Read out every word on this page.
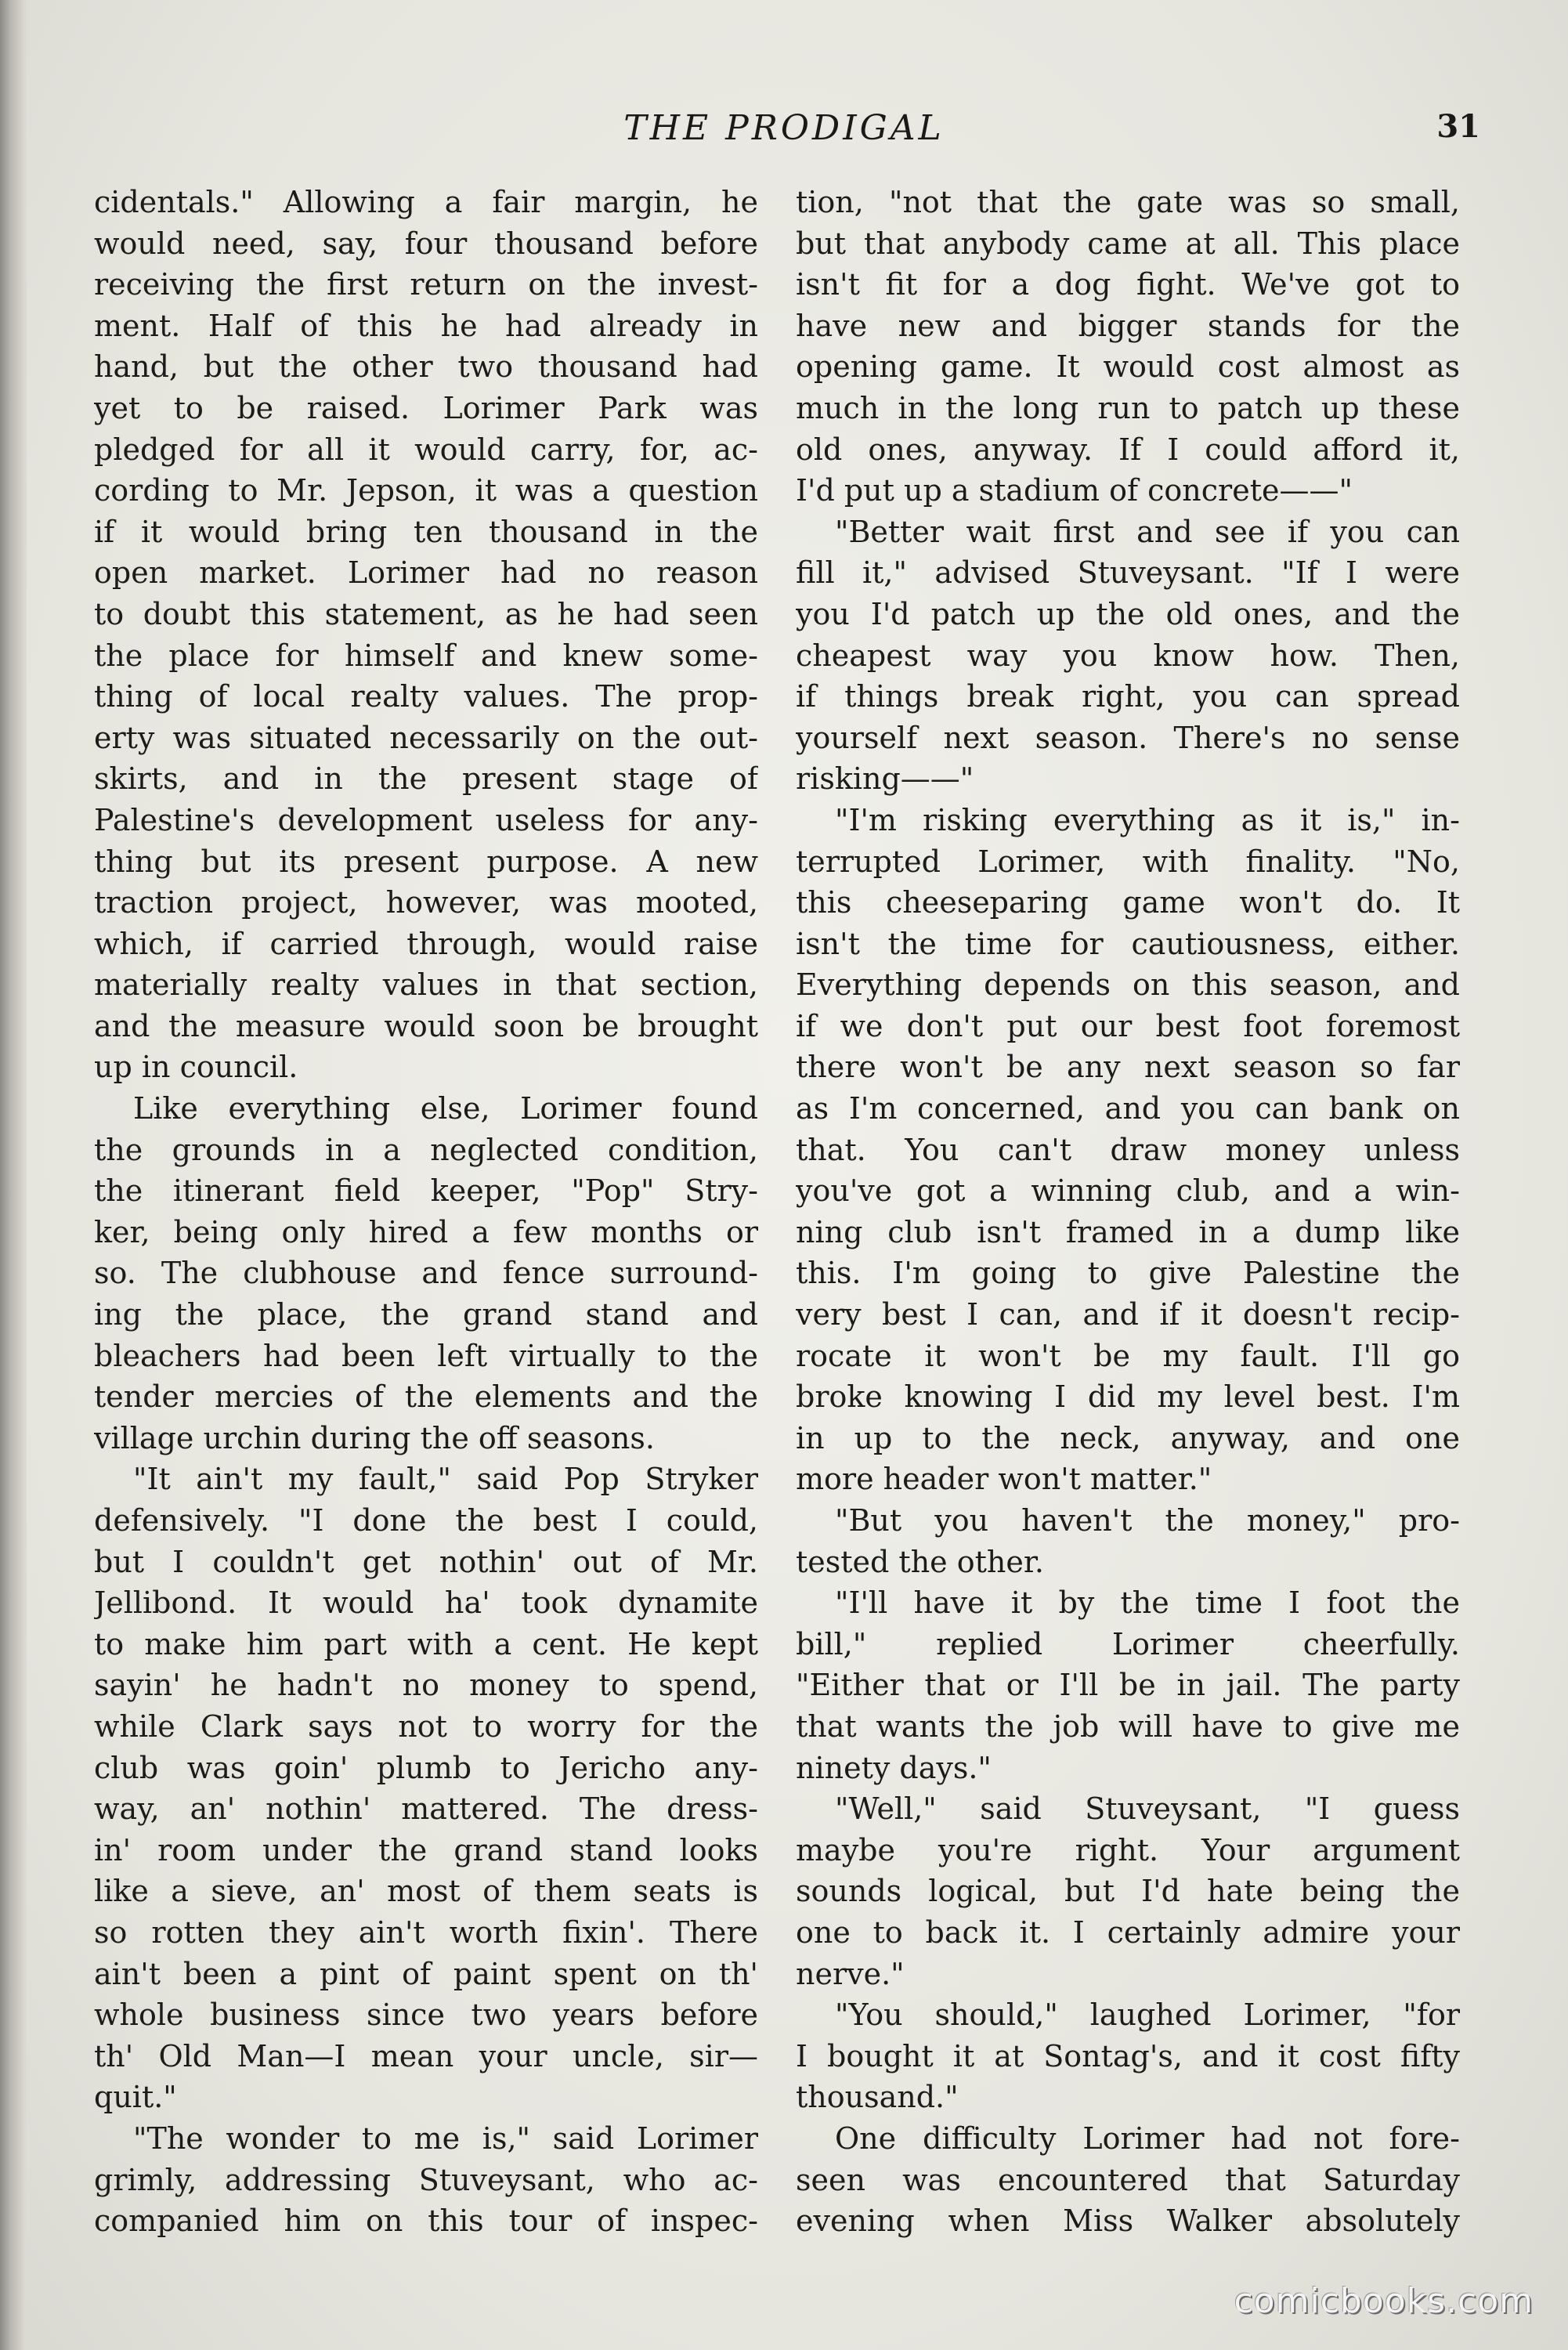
THE PRODIGAL	31
cidentals." Allowing a fair margin, he
would need, say, four thousand before
receiving the first return on the invest-
ment. Half of this he had already in
hand, but the other two thousand had
yet to be raised. Lorimer Park was
pledged for all it would carry, for, ac-
cording to Mr. Jepson, it was a question
if it would bring ten thousand in the
open market. Lorimer had no reason
to doubt this statement, as he had seen
the place for himself and knew some-
thing of local realty values. The prop-
erty was situated necessarily on the out-
skirts, and in the present stage of
Palestine's development useless for any-
thing but its present purpose. A new
traction project, however, was mooted,
which, if carried through, would raise
materially realty values in that section,
and the measure would soon be brought
up in council.
Like everything else, Lorimer found
the grounds in a neglected condition,
the itinerant field keeper, "Pop" Stry-
ker, being only hired a few months or
so. The clubhouse and fence surround-
ing the place, the grand stand and
bleachers had been left virtually to the
tender mercies of the elements and the
village urchin during the off seasons.
"It ain't my fault," said Pop Stryker
defensively. "I done the best I could,
but I couldn't get nothin' out of Mr.
Jellibond. It would ha' took dynamite
to make him part with a cent. He kept
sayin' he hadn't no money to spend,
while Clark says not to worry for the
club was goin' plumb to Jericho any-
way, an' nothin' mattered. The dress-
in' room under the grand stand looks
like a sieve, an' most of them seats is
so rotten they ain't worth fixin'. There
ain't been a pint of paint spent on th'
whole business since two years before
th' Old Man—I mean your uncle, sir—
quit."
"The wonder to me is," said Lorimer
grimly, addressing Stuveysant, who ac-
companied him on this tour of inspec-
tion, "not that the gate was so small,
but that anybody came at all. This place
isn't fit for a dog fight. We've got to
have new and bigger stands for the
opening game. It would cost almost as
much in the long run to patch up these
old ones, anyway. If I could afford it,
I'd put up a stadium of concrete——"
"Better wait first and see if you can
fill it," advised Stuveysant. "If I were
you I'd patch up the old ones, and the
cheapest way you know how. Then,
if things break right, you can spread
yourself next season. There's no sense
risking——"
"I'm risking everything as it is," in-
terrupted Lorimer, with finality. "No,
this cheeseparing game won't do. It
isn't the time for cautiousness, either.
Everything depends on this season, and
if we don't put our best foot foremost
there won't be any next season so far
as I'm concerned, and you can bank on
that. You can't draw money unless
you've got a winning club, and a win-
ning club isn't framed in a dump like
this. I'm going to give Palestine the
very best I can, and if it doesn't recip-
rocate it won't be my fault. I'll go
broke knowing I did my level best. I'm
in up to the neck, anyway, and one
more header won't matter."
"But you haven't the money," pro-
tested the other.
"I'll have it by the time I foot the
bill," replied Lorimer cheerfully.
"Either that or I'll be in jail. The party
that wants the job will have to give me
ninety days."
"Well," said Stuveysant, "I guess
maybe you're right. Your argument
sounds logical, but I'd hate being the
one to back it. I certainly admire your
nerve."
"You should," laughed Lorimer, "for
I bought it at Sontag's, and it cost fifty
thousand."
One difficulty Lorimer had not fore-
seen was encountered that Saturday
evening when Miss Walker absolutely
comicbooks.com
